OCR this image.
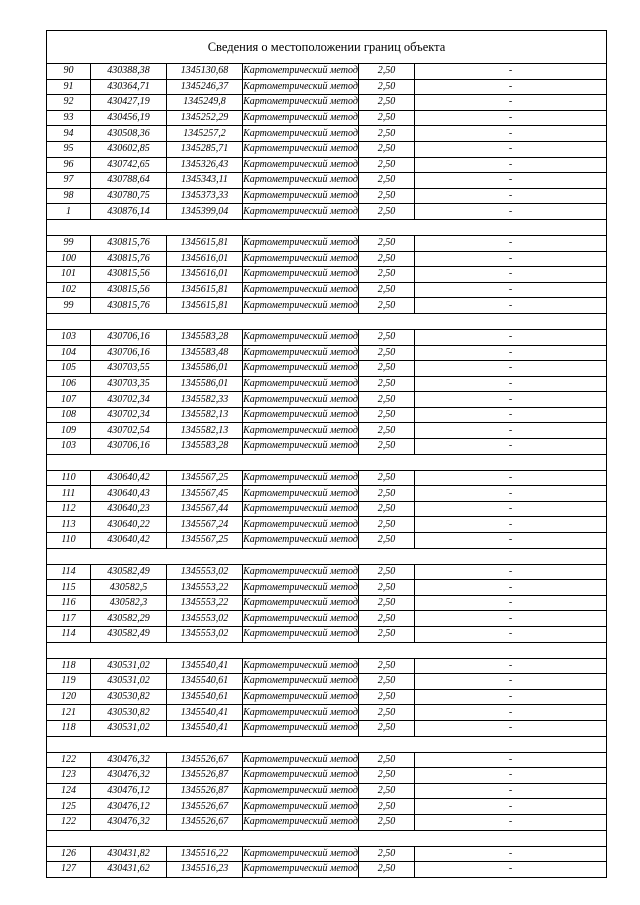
Сведения о местоположении границ объекта					
90	430388,38	1345130,68	Картометрический метод	2,50	-
91	430364,71	1345246,37	Картометрический метод	2,50	-
92	430427,19	1345249,8	Картометрический метод	2,50	-
93	430456,19	1345252,29	Картометрический метод	2,50	-
94	430508,36	1345257,2	Картометрический метод	2,50	-
95	430602,85	1345285,71	Картометрический метод	2,50	-
96	430742,65	1345326,43	Картометрический метод	2,50	-
97	430788,64	1345343,11	Картометрический метод	2,50	-
98	430780,75	1345373,33	Картометрический метод	2,50	-
1	430876,14	1345399,04	Картометрический метод	2,50	-

99	430815,76	1345615,81	Картометрический метод	2,50	-
100	430815,76	1345616,01	Картометрический метод	2,50	-
101	430815,56	1345616,01	Картометрический метод	2,50	-
102	430815,56	1345615,81	Картометрический метод	2,50	-
99	430815,76	1345615,81	Картометрический метод	2,50	-

103	430706,16	1345583,28	Картометрический метод	2,50	-
104	430706,16	1345583,48	Картометрический метод	2,50	-
105	430703,55	1345586,01	Картометрический метод	2,50	-
106	430703,35	1345586,01	Картометрический метод	2,50	-
107	430702,34	1345582,33	Картометрический метод	2,50	-
108	430702,34	1345582,13	Картометрический метод	2,50	-
109	430702,54	1345582,13	Картометрический метод	2,50	-
103	430706,16	1345583,28	Картометрический метод	2,50	-

110	430640,42	1345567,25	Картометрический метод	2,50	-
111	430640,43	1345567,45	Картометрический метод	2,50	-
112	430640,23	1345567,44	Картометрический метод	2,50	-
113	430640,22	1345567,24	Картометрический метод	2,50	-
110	430640,42	1345567,25	Картометрический метод	2,50	-

114	430582,49	1345553,02	Картометрический метод	2,50	-
115	430582,5	1345553,22	Картометрический метод	2,50	-
116	430582,3	1345553,22	Картометрический метод	2,50	-
117	430582,29	1345553,02	Картометрический метод	2,50	-
114	430582,49	1345553,02	Картометрический метод	2,50	-

118	430531,02	1345540,41	Картометрический метод	2,50	-
119	430531,02	1345540,61	Картометрический метод	2,50	-
120	430530,82	1345540,61	Картометрический метод	2,50	-
121	430530,82	1345540,41	Картометрический метод	2,50	-
118	430531,02	1345540,41	Картометрический метод	2,50	-

122	430476,32	1345526,67	Картометрический метод	2,50	-
123	430476,32	1345526,87	Картометрический метод	2,50	-
124	430476,12	1345526,87	Картометрический метод	2,50	-
125	430476,12	1345526,67	Картометрический метод	2,50	-
122	430476,32	1345526,67	Картометрический метод	2,50	-

126	430431,82	1345516,22	Картометрический метод	2,50	-
127	430431,62	1345516,23	Картометрический метод	2,50	-
